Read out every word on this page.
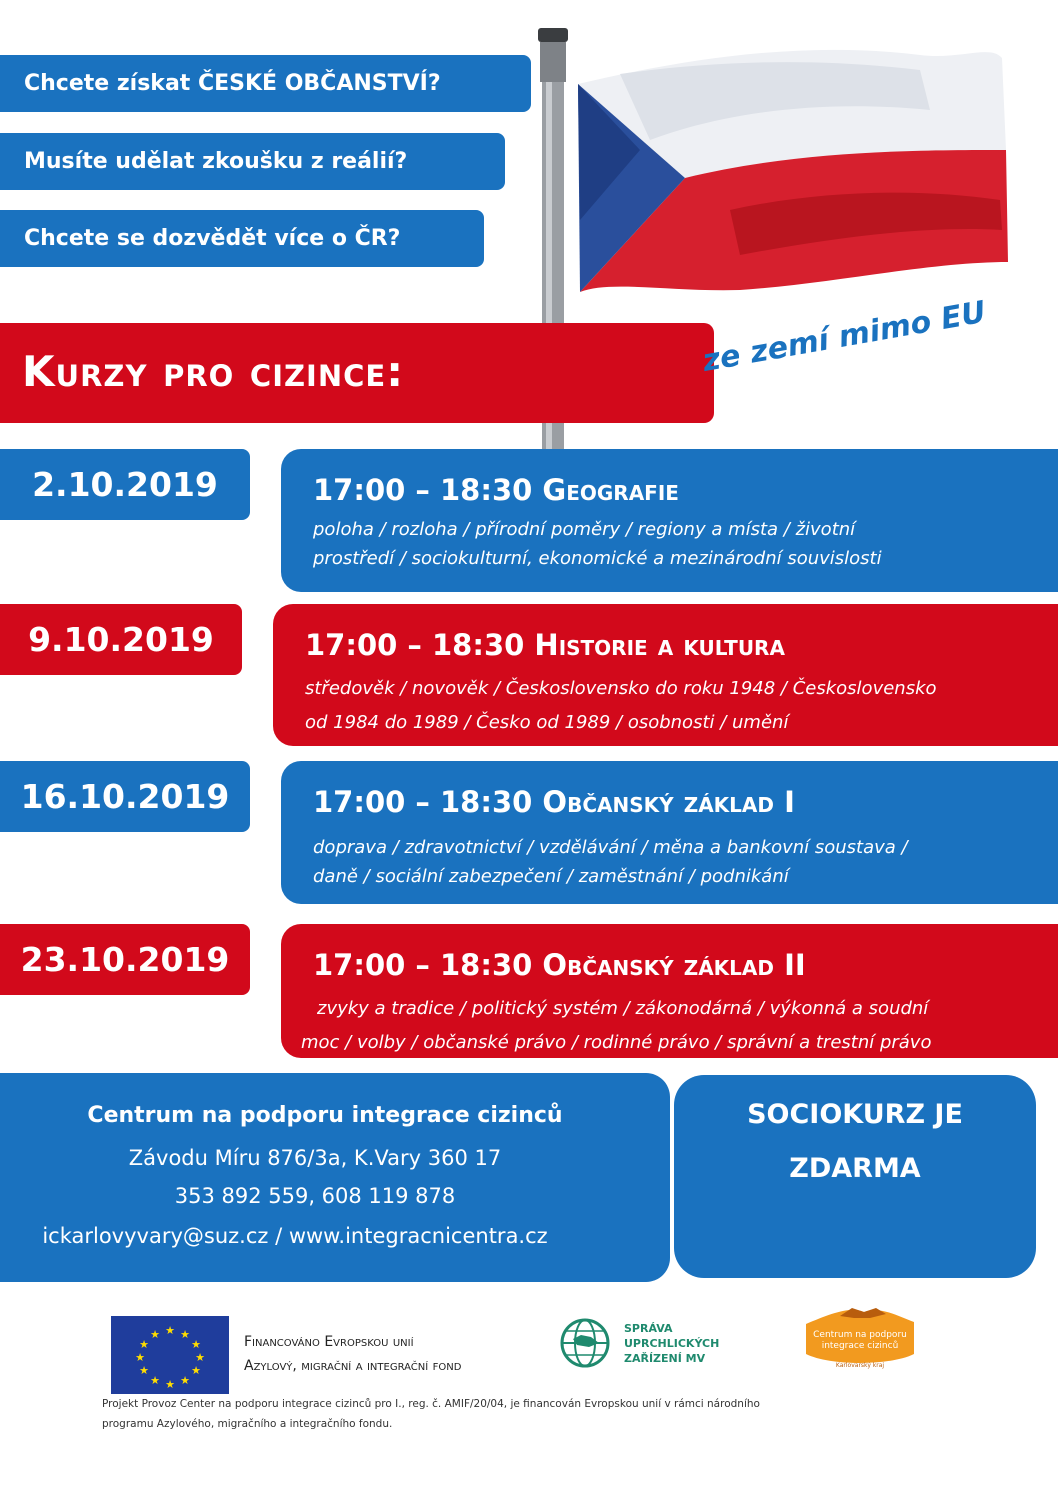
Chcete získat ČESKÉ OBČANSTVÍ?
Musíte udělat zkoušku z reálií?
Chcete se dozvědět více o ČR?
Kurzy pro cizince:	ze zemí mimo EU
2.10.2019	17:00 – 18:30 Geografie
poloha / rozloha / přírodní poměry / regiony a místa / životní
prostředí / sociokulturní, ekonomické a mezinárodní souvislosti
9.10.2019	17:00 – 18:30 Historie a kultura
středověk / novověk / Československo do roku 1948 / Československo
od 1984 do 1989 / Česko od 1989 / osobnosti / umění
16.10.2019	17:00 – 18:30 Občanský základ I
doprava / zdravotnictví / vzdělávání / měna a bankovní soustava /
daně / sociální zabezpečení / zaměstnání / podnikání
23.10.2019	17:00 – 18:30 Občanský základ II
zvyky a tradice / politický systém / zákonodárná / výkonná a soudní
moc / volby / občanské právo / rodinné právo / správní a trestní právo
Centrum na podporu integrace cizinců
Závodu Míru 876/3a, K.Vary 360 17
353 892 559, 608 119 878
ickarlovyvary@suz.cz / www.integracnicentra.cz
SOCIOKURZ JE
ZDARMA
★ ★
★
★
★
★
★
★
★
★
★
★	Financováno Evropskou unií
Azylový, migrační a integrační fond
SPRÁVA
UPRCHLICKÝCH
ZAŘÍZENÍ MV
Centrum na podporu
integrace cizinců
Karlovarský kraj
Projekt Provoz Center na podporu integrace cizinců pro I., reg. č. AMIF/20/04, je financován Evropskou unií v rámci národního
programu Azylového, migračního a integračního fondu.
